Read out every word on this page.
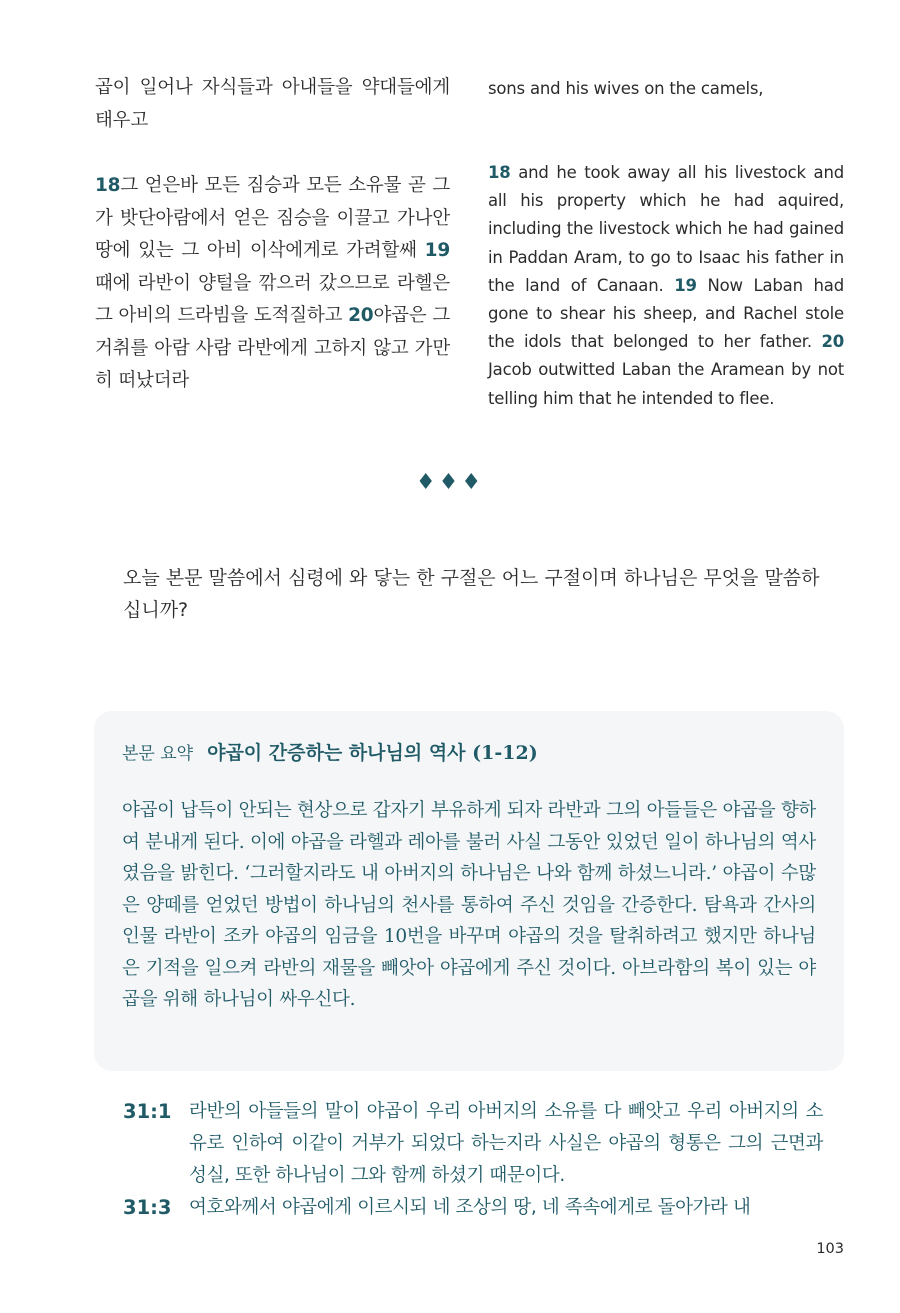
곱이 일어나 자식들과 아내들을 약대들에게 태우고

18그 얻은바 모든 짐승과 모든 소유물 곧 그가 밧단아람에서 얻은 짐승을 이끌고 가나안 땅에 있는 그 아비 이삭에게로 가려할쌔 19때에 라반이 양털을 깎으러 갔으므로 라헬은 그 아비의 드라빔을 도적질하고 20야곱은 그 거취를 아람 사람 라반에게 고하지 않고 가만히 떠났더라

sons and his wives on the camels,

18 and he took away all his livestock and all his property which he had aquired, including the livestock which he had gained in Paddan Aram, to go to Isaac his father in the land of Canaan. 19 Now Laban had gone to shear his sheep, and Rachel stole the idols that belonged to her father. 20 Jacob outwitted Laban the Aramean by not telling him that he intended to flee.

♦♦♦

오늘 본문 말씀에서 심령에 와 닿는 한 구절은 어느 구절이며 하나님은 무엇을 말씀하십니까?

본문 요약 야곱이 간증하는 하나님의 역사 (1-12)

야곱이 납득이 안되는 현상으로 갑자기 부유하게 되자 라반과 그의 아들들은 야곱을 향하여 분내게 된다. 이에 야곱을 라헬과 레아를 불러 사실 그동안 있었던 일이 하나님의 역사였음을 밝힌다. ‘그러할지라도 내 아버지의 하나님은 나와 함께 하셨느니라.’ 야곱이 수많은 양떼를 얻었던 방법이 하나님의 천사를 통하여 주신 것임을 간증한다. 탐욕과 간사의 인물 라반이 조카 야곱의 임금을 10번을 바꾸며 야곱의 것을 탈취하려고 했지만 하나님은 기적을 일으켜 라반의 재물을 빼앗아 야곱에게 주신 것이다. 아브라함의 복이 있는 야곱을 위해 하나님이 싸우신다.

31:1 라반의 아들들의 말이 야곱이 우리 아버지의 소유를 다 빼앗고 우리 아버지의 소유로 인하여 이같이 거부가 되었다 하는지라 사실은 야곱의 형통은 그의 근면과 성실, 또한 하나님이 그와 함께 하셨기 때문이다.
31:3 여호와께서 야곱에게 이르시되 네 조상의 땅, 네 족속에게로 돌아가라 내
103
